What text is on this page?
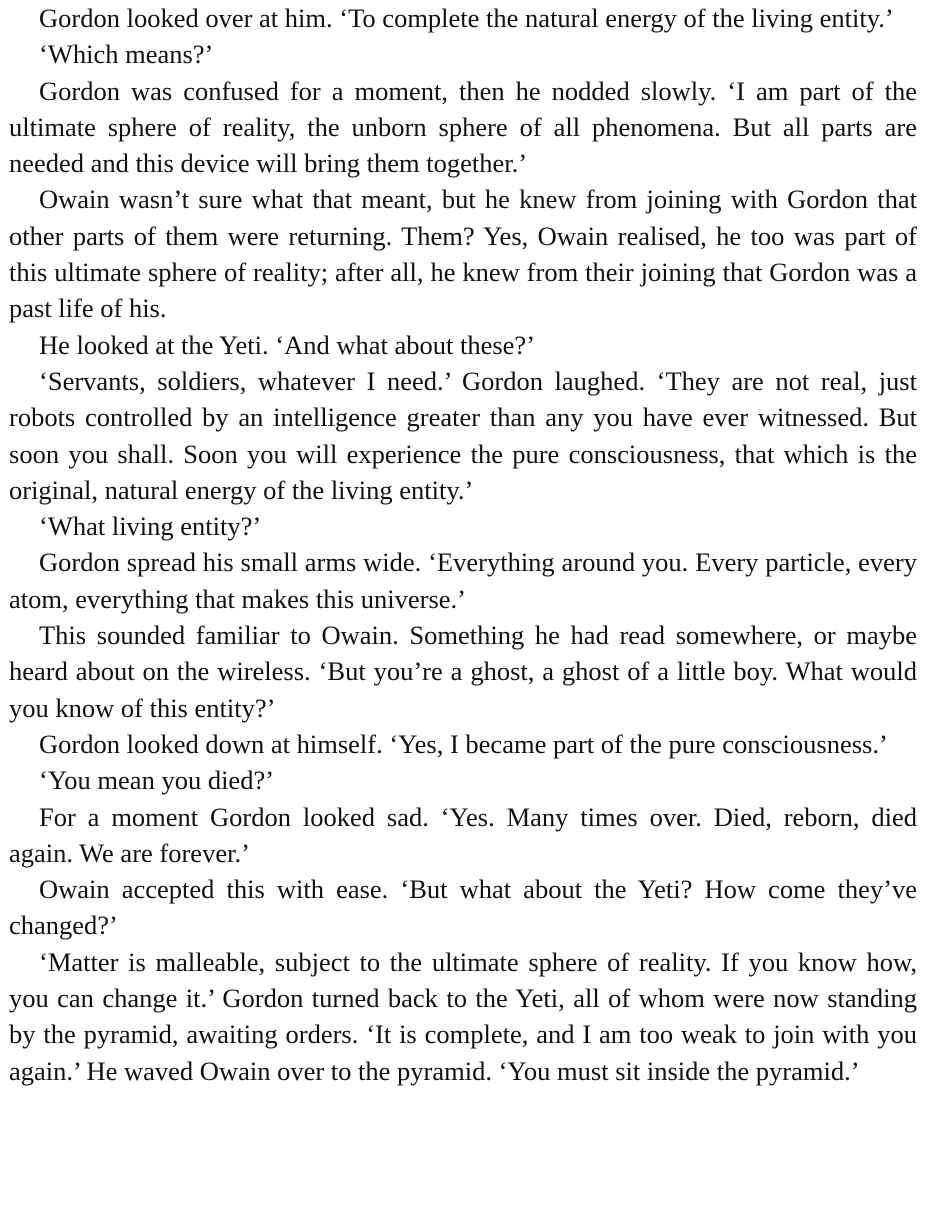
Gordon looked over at him. ‘To complete the natural energy of the living entity.’

‘Which means?’

Gordon was confused for a moment, then he nodded slowly. ‘I am part of the ultimate sphere of reality, the unborn sphere of all phenomena. But all parts are needed and this device will bring them together.’

Owain wasn’t sure what that meant, but he knew from joining with Gordon that other parts of them were returning. Them? Yes, Owain realised, he too was part of this ultimate sphere of reality; after all, he knew from their joining that Gordon was a past life of his.

He looked at the Yeti. ‘And what about these?’

‘Servants, soldiers, whatever I need.’ Gordon laughed. ‘They are not real, just robots controlled by an intelligence greater than any you have ever witnessed. But soon you shall. Soon you will experience the pure consciousness, that which is the original, natural energy of the living entity.’

‘What living entity?’

Gordon spread his small arms wide. ‘Everything around you. Every particle, every atom, everything that makes this universe.’

This sounded familiar to Owain. Something he had read somewhere, or maybe heard about on the wireless. ‘But you’re a ghost, a ghost of a little boy. What would you know of this entity?’

Gordon looked down at himself. ‘Yes, I became part of the pure consciousness.’

‘You mean you died?’

For a moment Gordon looked sad. ‘Yes. Many times over. Died, reborn, died again. We are forever.’

Owain accepted this with ease. ‘But what about the Yeti? How come they’ve changed?’

‘Matter is malleable, subject to the ultimate sphere of reality. If you know how, you can change it.’ Gordon turned back to the Yeti, all of whom were now standing by the pyramid, awaiting orders. ‘It is complete, and I am too weak to join with you again.’ He waved Owain over to the pyramid. ‘You must sit inside the pyramid.’
